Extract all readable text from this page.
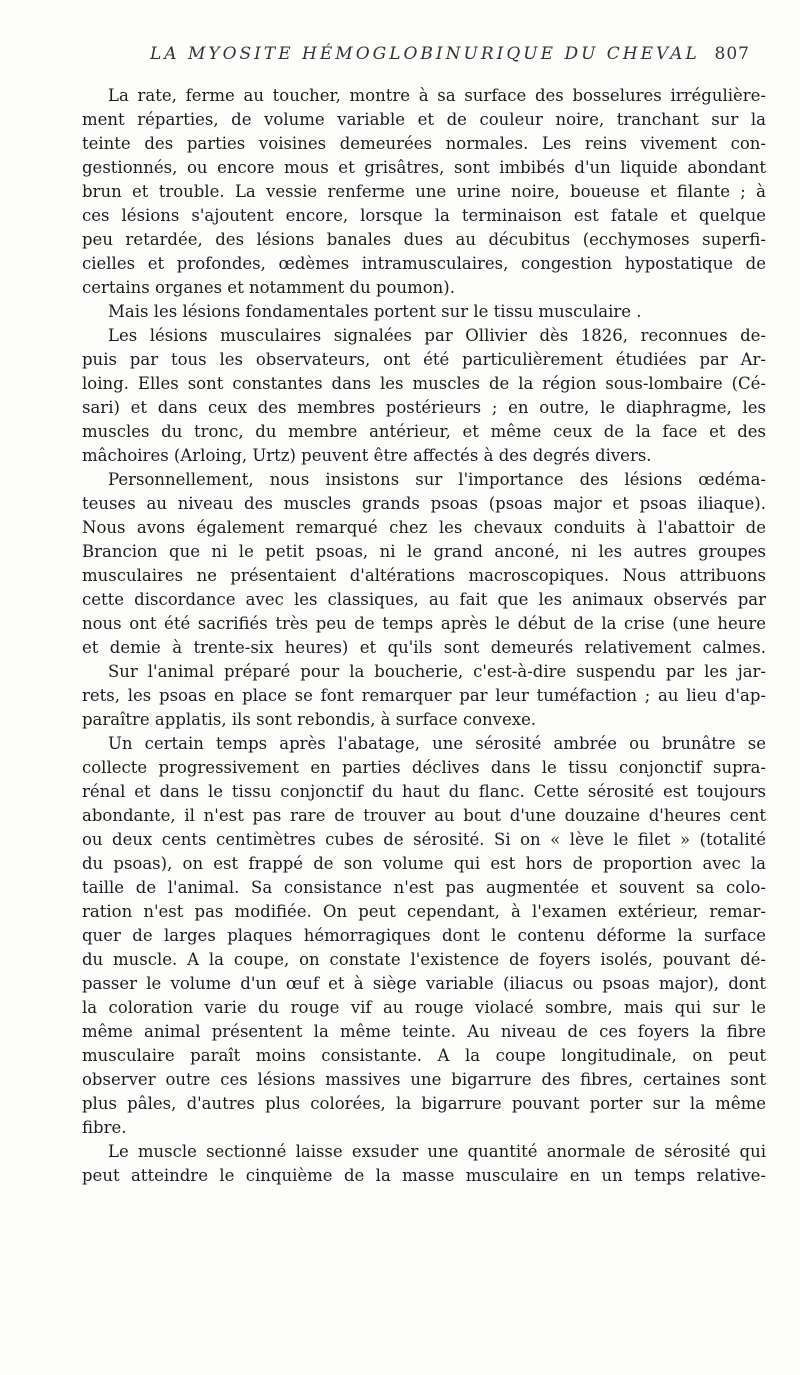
LA MYOSITE HÉMOGLOBINURIQUE DU CHEVAL 807
La rate, ferme au toucher, montre à sa surface des bosselures irrégulière-
ment réparties, de volume variable et de couleur noire, tranchant sur la
teinte des parties voisines demeurées normales. Les reins vivement con-
gestionnés, ou encore mous et grisâtres, sont imbibés d'un liquide abondant
brun et trouble. La vessie renferme une urine noire, boueuse et filante ; à
ces lésions s'ajoutent encore, lorsque la terminaison est fatale et quelque
peu retardée, des lésions banales dues au décubitus (ecchymoses superfi-
cielles et profondes, œdèmes intramusculaires, congestion hypostatique de
certains organes et notamment du poumon).
Mais les lésions fondamentales portent sur le tissu musculaire .
Les lésions musculaires signalées par Ollivier dès 1826, reconnues de-
puis par tous les observateurs, ont été particulièrement étudiées par Ar-
loing. Elles sont constantes dans les muscles de la région sous-lombaire (Cé-
sari) et dans ceux des membres postérieurs ; en outre, le diaphragme, les
muscles du tronc, du membre antérieur, et même ceux de la face et des
mâchoires (Arloing, Urtz) peuvent être affectés à des degrés divers.
Personnellement, nous insistons sur l'importance des lésions œdéma-
teuses au niveau des muscles grands psoas (psoas major et psoas iliaque).
Nous avons également remarqué chez les chevaux conduits à l'abattoir de
Brancion que ni le petit psoas, ni le grand anconé, ni les autres groupes
musculaires ne présentaient d'altérations macroscopiques. Nous attribuons
cette discordance avec les classiques, au fait que les animaux observés par
nous ont été sacrifiés très peu de temps après le début de la crise (une heure
et demie à trente-six heures) et qu'ils sont demeurés relativement calmes.
Sur l'animal préparé pour la boucherie, c'est-à-dire suspendu par les jar-
rets, les psoas en place se font remarquer par leur tuméfaction ; au lieu d'ap-
paraître applatis, ils sont rebondis, à surface convexe.
Un certain temps après l'abatage, une sérosité ambrée ou brunâtre se
collecte progressivement en parties déclives dans le tissu conjonctif supra-
rénal et dans le tissu conjonctif du haut du flanc. Cette sérosité est toujours
abondante, il n'est pas rare de trouver au bout d'une douzaine d'heures cent
ou deux cents centimètres cubes de sérosité. Si on « lève le filet » (totalité
du psoas), on est frappé de son volume qui est hors de proportion avec la
taille de l'animal. Sa consistance n'est pas augmentée et souvent sa colo-
ration n'est pas modifiée. On peut cependant, à l'examen extérieur, remar-
quer de larges plaques hémorragiques dont le contenu déforme la surface
du muscle. A la coupe, on constate l'existence de foyers isolés, pouvant dé-
passer le volume d'un œuf et à siège variable (iliacus ou psoas major), dont
la coloration varie du rouge vif au rouge violacé sombre, mais qui sur le
même animal présentent la même teinte. Au niveau de ces foyers la fibre
musculaire paraît moins consistante. A la coupe longitudinale, on peut
observer outre ces lésions massives une bigarrure des fibres, certaines sont
plus pâles, d'autres plus colorées, la bigarrure pouvant porter sur la même
fibre.
Le muscle sectionné laisse exsuder une quantité anormale de sérosité qui
peut atteindre le cinquième de la masse musculaire en un temps relative-
